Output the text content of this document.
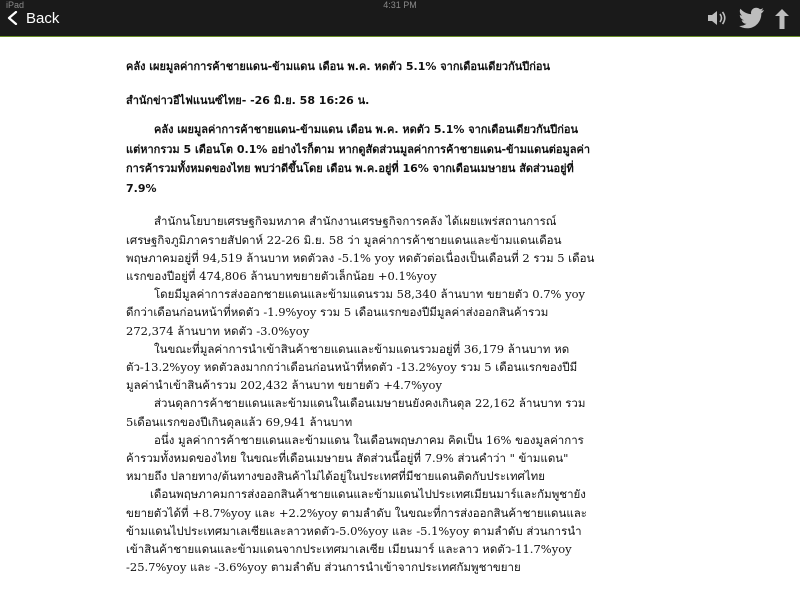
iPad	4:31 PM
Back

คลัง เผยมูลค่าการค้าชายแดน-ข้ามแดน เดือน พ.ค. หดตัว 5.1% จากเดือนเดียวกันปีก่อน

สำนักข่าวอีไฟแนนซ์ไทย- -26 มิ.ย. 58 16:26 น.

คลัง เผยมูลค่าการค้าชายแดน-ข้ามแดน เดือน พ.ค. หดตัว 5.1% จากเดือนเดียวกันปีก่อน แต่หากรวม 5 เดือนโต 0.1% อย่างไรก็ตาม หากดูสัดส่วนมูลค่าการค้าชายแดน-ข้ามแดนต่อมูลค่าการค้ารวมทั้งหมดของไทย พบว่าดีขึ้นโดย เดือน พ.ค.อยู่ที่ 16% จากเดือนเมษายน สัดส่วนอยู่ที่ 7.9%

สำนักนโยบายเศรษฐกิจมหภาค สำนักงานเศรษฐกิจการคลัง ได้เผยแพร่สถานการณ์เศรษฐกิจภูมิภาครายสัปดาห์ 22-26 มิ.ย. 58 ว่า มูลค่าการค้าชายแดนและข้ามแดนเดือนพฤษภาคมอยู่ที่ 94,519 ล้านบาท หดตัวลง -5.1% yoy หดตัวต่อเนื่องเป็นเดือนที่ 2 รวม 5 เดือนแรกของปีอยู่ที่ 474,806 ล้านบาทขยายตัวเล็กน้อย +0.1%yoy

โดยมีมูลค่าการส่งออกชายแดนและข้ามแดนรวม 58,340 ล้านบาท ขยายตัว 0.7% yoy ดีกว่าเดือนก่อนหน้าที่หดตัว -1.9%yoy รวม 5 เดือนแรกของปีมีมูลค่าส่งออกสินค้ารวม 272,374 ล้านบาท หดตัว -3.0%yoy

ในขณะที่มูลค่าการนำเข้าสินค้าชายแดนและข้ามแดนรวมอยู่ที่ 36,179 ล้านบาท หดตัว-13.2%yoy หดตัวลงมากกว่าเดือนก่อนหน้าที่หดตัว -13.2%yoy รวม 5 เดือนแรกของปีมีมูลค่านำเข้าสินค้ารวม 202,432 ล้านบาท ขยายตัว +4.7%yoy

ส่วนดุลการค้าชายแดนและข้ามแดนในเดือนเมษายนยังคงเกินดุล 22,162 ล้านบาท รวม 5เดือนแรกของปีเกินดุลแล้ว 69,941 ล้านบาท

อนึ่ง มูลค่าการค้าชายแดนและข้ามแดน ในเดือนพฤษภาคม คิดเป็น 16% ของมูลค่าการค้ารวมทั้งหมดของไทย ในขณะที่เดือนเมษายน สัดส่วนนี้อยู่ที่ 7.9% ส่วนคำว่า " ข้ามแดน" หมายถึง ปลายทาง/ต้นทางของสินค้าไม่ได้อยู่ในประเทศที่มีชายแดนติดกับประเทศไทย

เดือนพฤษภาคมการส่งออกสินค้าชายแดนและข้ามแดนไปประเทศเมียนมาร์และกัมพูชายังขยายตัวได้ที่ +8.7%yoy และ +2.2%yoy ตามลำดับ ในขณะที่การส่งออกสินค้าชายแดนและข้ามแดนไปประเทศมาเลเซียและลาวหดตัว-5.0%yoy และ -5.1%yoy ตามลำดับ ส่วนการนำเข้าสินค้าชายแดนและข้ามแดนจากประเทศมาเลเซีย เมียนมาร์ และลาว หดตัว-11.7%yoy -25.7%yoy และ -3.6%yoy ตามลำดับ ส่วนการนำเข้าจากประเทศกัมพูชาขยาย
